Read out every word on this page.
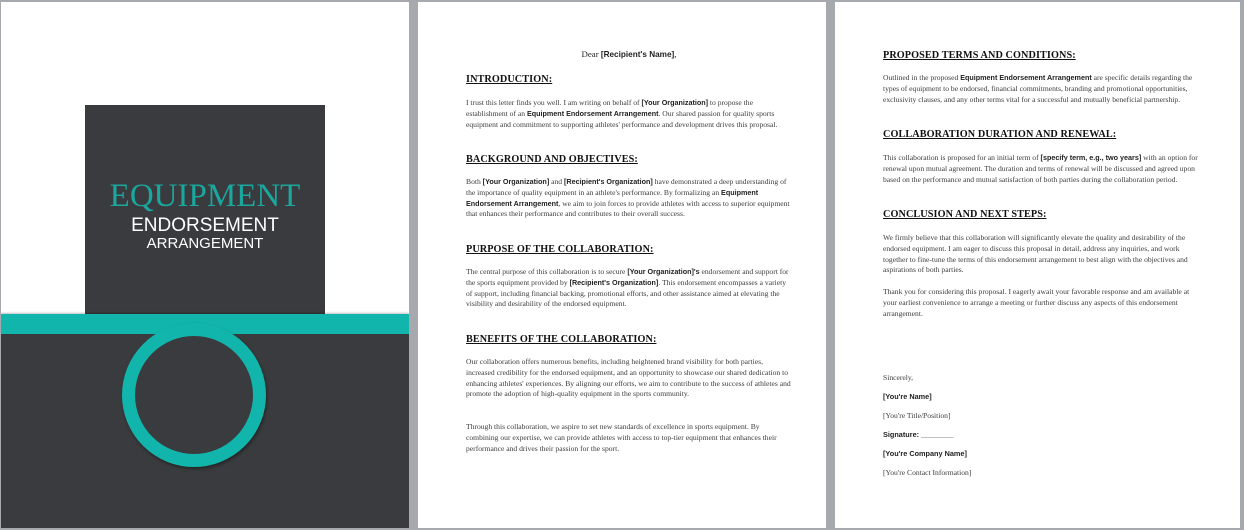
EQUIPMENT
ENDORSEMENT
ARRANGEMENT
Dear [Recipient's Name],
INTRODUCTION:
I trust this letter finds you well. I am writing on behalf of [Your Organization] to propose the establishment of an Equipment Endorsement Arrangement. Our shared passion for quality sports equipment and commitment to supporting athletes' performance and development drives this proposal.
BACKGROUND AND OBJECTIVES:
Both [Your Organization] and [Recipient's Organization] have demonstrated a deep understanding of the importance of quality equipment in an athlete's performance. By formalizing an Equipment Endorsement Arrangement, we aim to join forces to provide athletes with access to superior equipment that enhances their performance and contributes to their overall success.
PURPOSE OF THE COLLABORATION:
The central purpose of this collaboration is to secure [Your Organization]'s endorsement and support for the sports equipment provided by [Recipient's Organization]. This endorsement encompasses a variety of support, including financial backing, promotional efforts, and other assistance aimed at elevating the visibility and desirability of the endorsed equipment.
BENEFITS OF THE COLLABORATION:
Our collaboration offers numerous benefits, including heightened brand visibility for both parties, increased credibility for the endorsed equipment, and an opportunity to showcase our shared dedication to enhancing athletes' experiences. By aligning our efforts, we aim to contribute to the success of athletes and promote the adoption of high-quality equipment in the sports community.
Through this collaboration, we aspire to set new standards of excellence in sports equipment. By combining our expertise, we can provide athletes with access to top-tier equipment that enhances their performance and drives their passion for the sport.
PROPOSED TERMS AND CONDITIONS:
Outlined in the proposed Equipment Endorsement Arrangement are specific details regarding the types of equipment to be endorsed, financial commitments, branding and promotional opportunities, exclusivity clauses, and any other terms vital for a successful and mutually beneficial partnership.
COLLABORATION DURATION AND RENEWAL:
This collaboration is proposed for an initial term of [specify term, e.g., two years] with an option for renewal upon mutual agreement. The duration and terms of renewal will be discussed and agreed upon based on the performance and mutual satisfaction of both parties during the collaboration period.
CONCLUSION AND NEXT STEPS:
We firmly believe that this collaboration will significantly elevate the quality and desirability of the endorsed equipment. I am eager to discuss this proposal in detail, address any inquiries, and work together to fine-tune the terms of this endorsement arrangement to best align with the objectives and aspirations of both parties.
Thank you for considering this proposal. I eagerly await your favorable response and am available at your earliest convenience to arrange a meeting or further discuss any aspects of this endorsement arrangement.
Sincerely,
[You're Name]
[You're Title/Position]
Signature: ________
[You're Company Name]
[You're Contact Information]
